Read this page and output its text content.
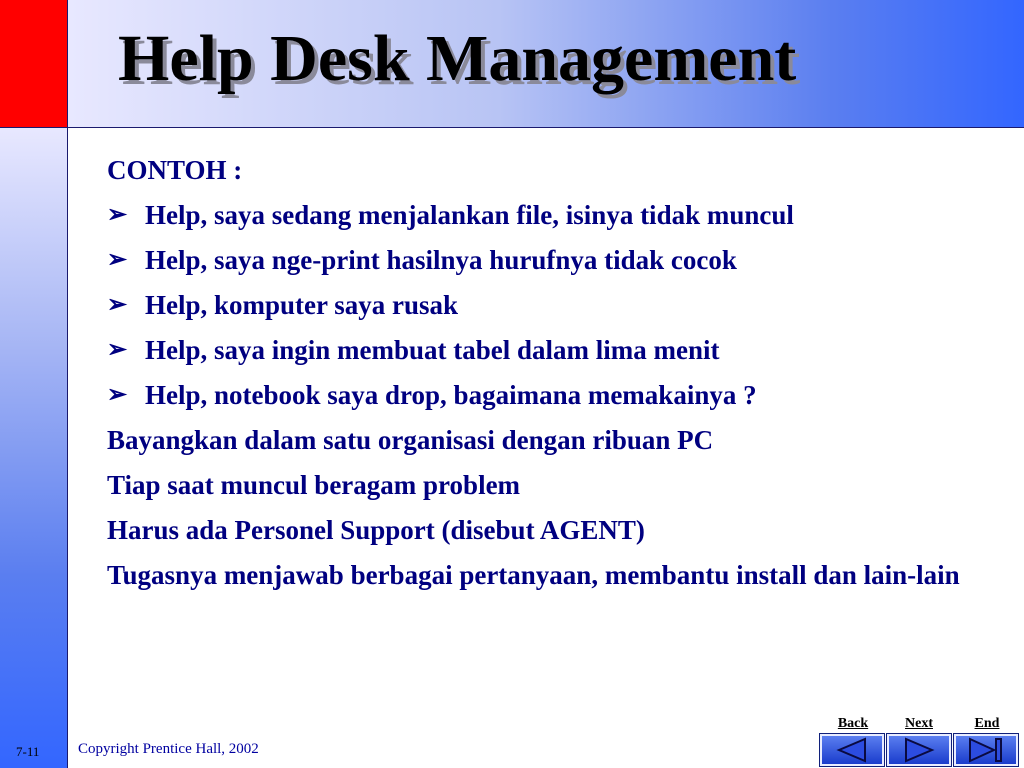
Help Desk Management
CONTOH :
➢ Help, saya sedang menjalankan file, isinya tidak muncul
➢ Help, saya nge-print hasilnya hurufnya tidak cocok
➢ Help, komputer saya rusak
➢ Help, saya ingin membuat tabel dalam lima menit
➢ Help, notebook saya drop, bagaimana memakainya ?
Bayangkan dalam satu organisasi dengan ribuan PC
Tiap saat muncul beragam problem
Harus ada Personel Support (disebut AGENT)
Tugasnya menjawab berbagai pertanyaan, membantu install dan lain-lain
7-11	Copyright Prentice Hall, 2002
Back	Next	End
